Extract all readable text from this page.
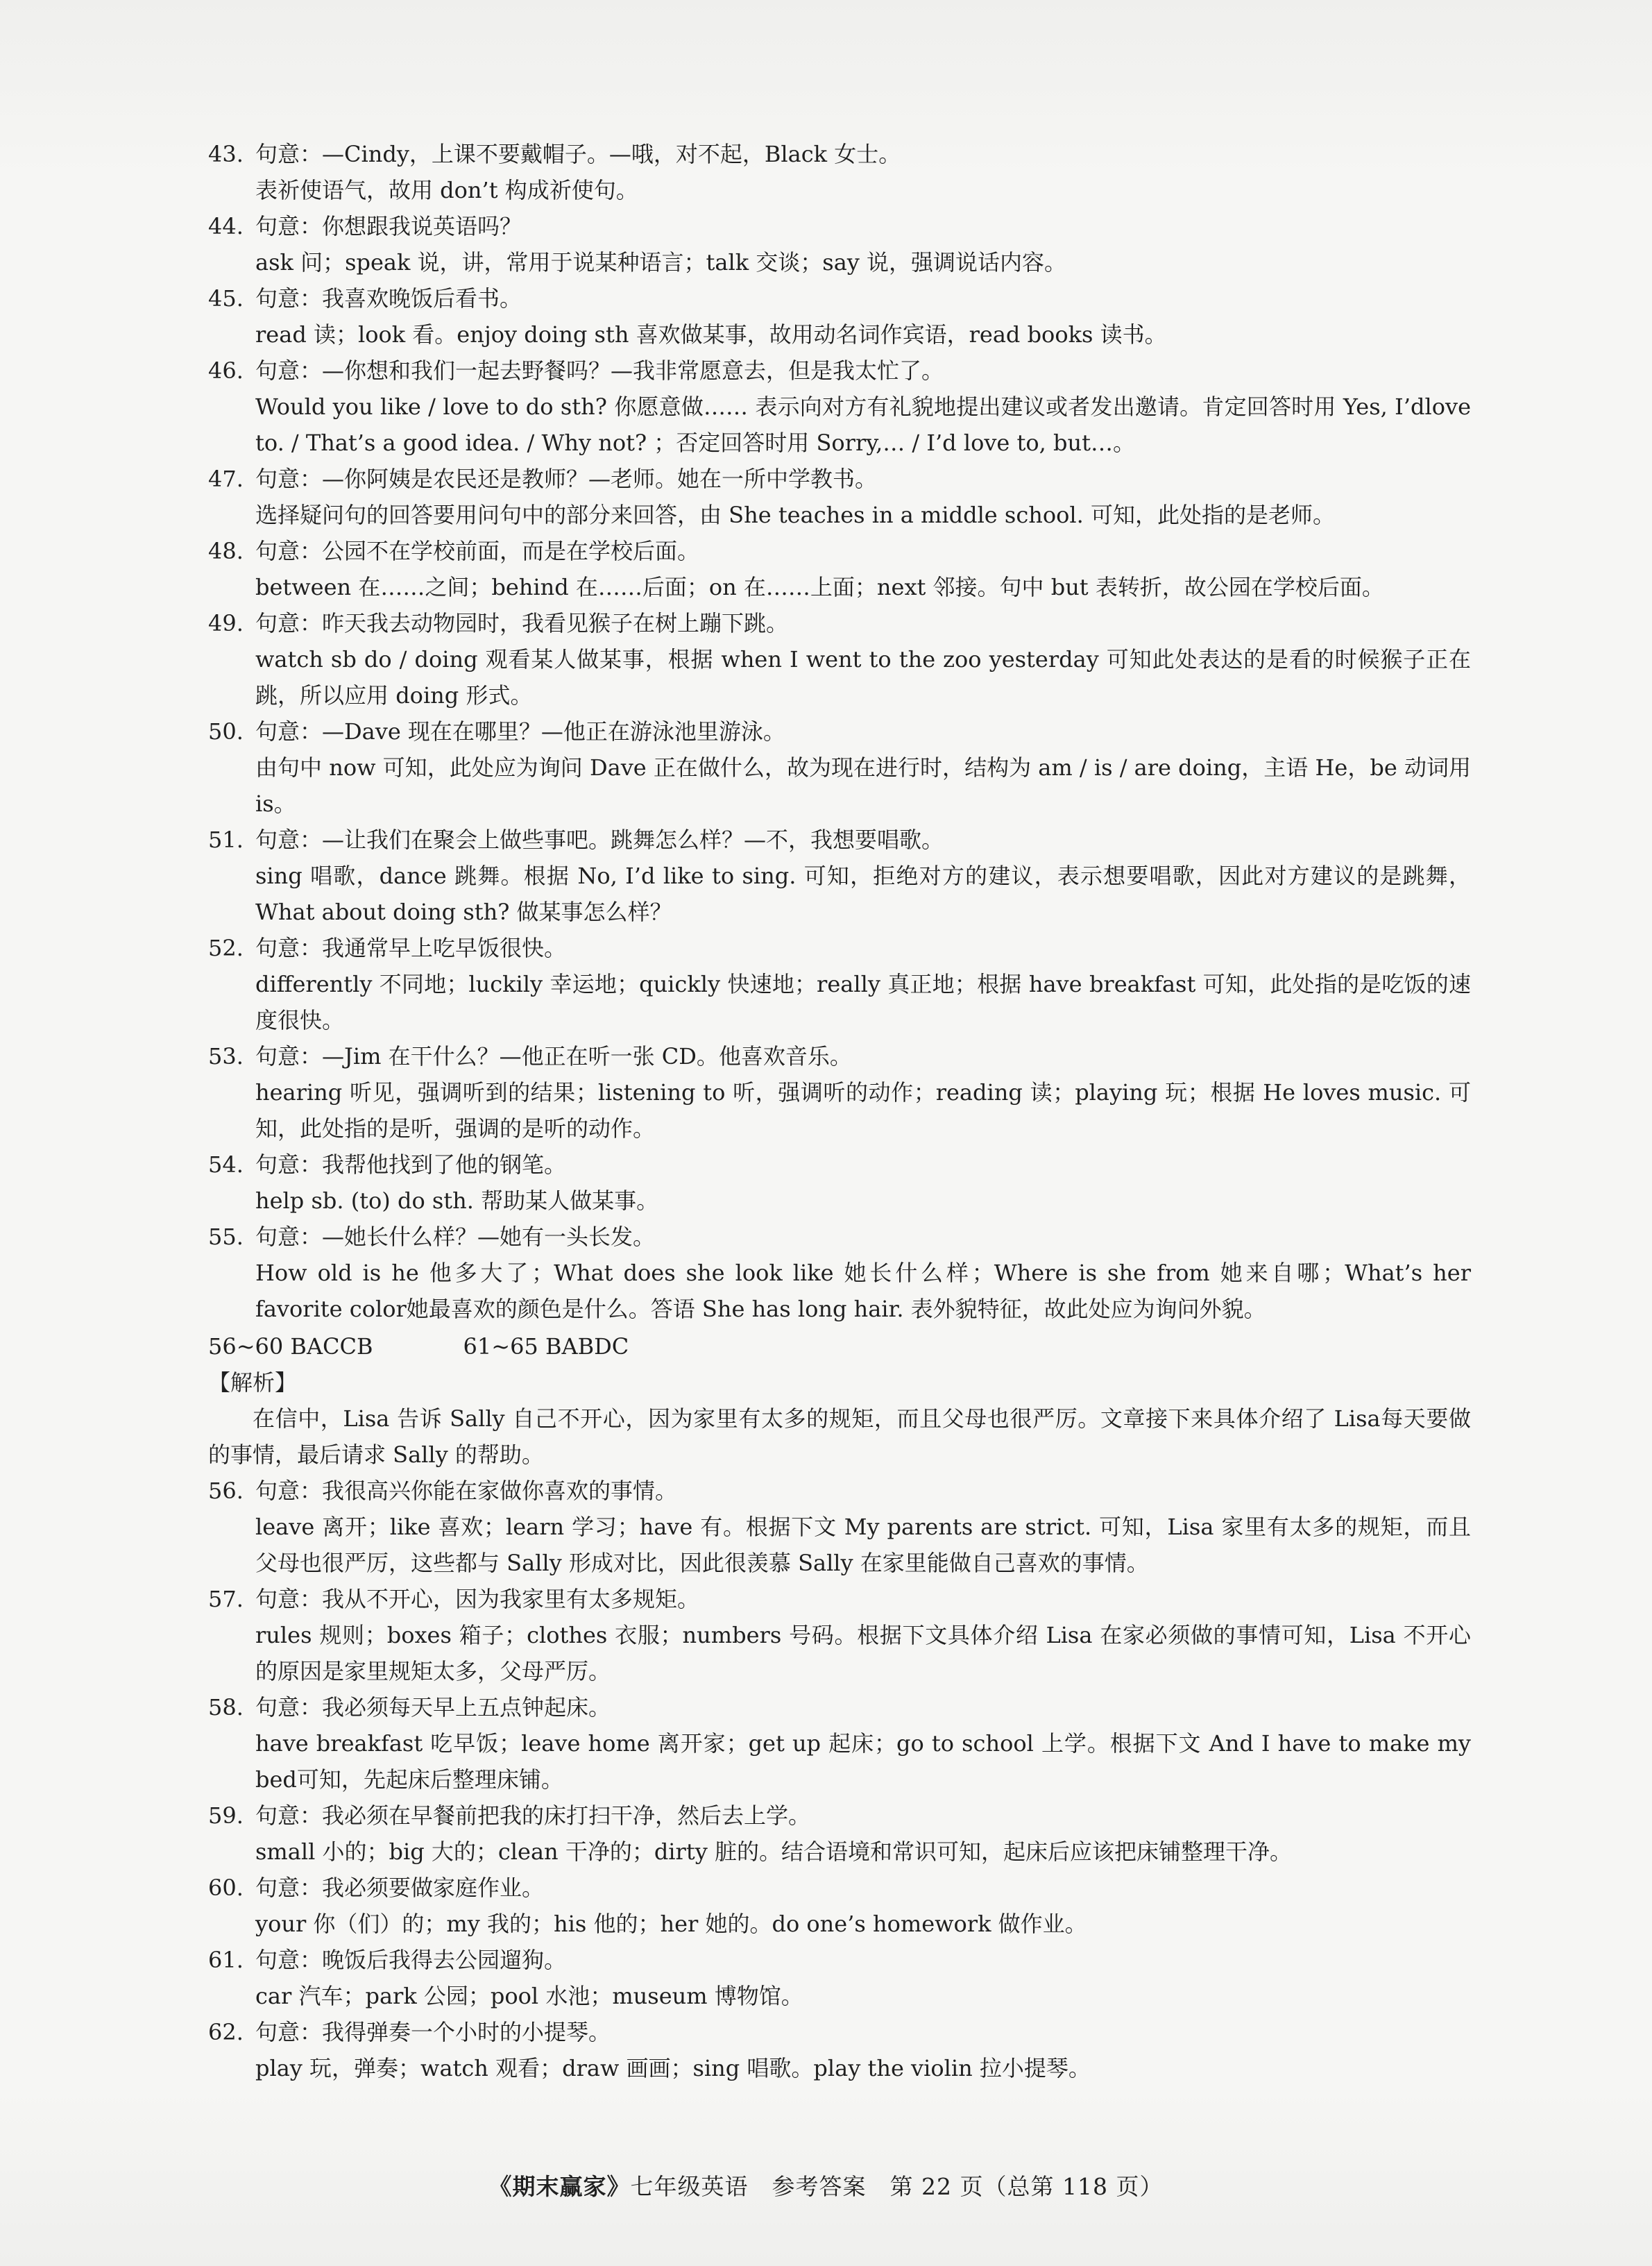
43. 句意：—Cindy，上课不要戴帽子。—哦，对不起，Black 女士。
表祈使语气，故用 don’t 构成祈使句。
44. 句意：你想跟我说英语吗？
ask 问；speak 说，讲，常用于说某种语言；talk 交谈；say 说，强调说话内容。
45. 句意：我喜欢晚饭后看书。
read 读；look 看。enjoy doing sth 喜欢做某事，故用动名词作宾语，read books 读书。
46. 句意：—你想和我们一起去野餐吗？—我非常愿意去，但是我太忙了。
Would you like / love to do sth? 你愿意做…… 表示向对方有礼貌地提出建议或者发出邀请。肯定回答时用 Yes, I’dlove to. / That’s a good idea. / Why not? ；否定回答时用 Sorry,… / I’d love to, but…。
47. 句意：—你阿姨是农民还是教师？—老师。她在一所中学教书。
选择疑问句的回答要用问句中的部分来回答，由 She teaches in a middle school. 可知，此处指的是老师。
48. 句意：公园不在学校前面，而是在学校后面。
between 在……之间；behind 在……后面；on 在……上面；next 邻接。句中 but 表转折，故公园在学校后面。
49. 句意：昨天我去动物园时，我看见猴子在树上蹦下跳。
watch sb do / doing 观看某人做某事，根据 when I went to the zoo yesterday 可知此处表达的是看的时候猴子正在跳，所以应用 doing 形式。
50. 句意：—Dave 现在在哪里？—他正在游泳池里游泳。
由句中 now 可知，此处应为询问 Dave 正在做什么，故为现在进行时，结构为 am / is / are doing，主语 He，be 动词用 is。
51. 句意：—让我们在聚会上做些事吧。跳舞怎么样？—不，我想要唱歌。
sing 唱歌，dance 跳舞。根据 No, I’d like to sing. 可知，拒绝对方的建议，表示想要唱歌，因此对方建议的是跳舞，What about doing sth? 做某事怎么样？
52. 句意：我通常早上吃早饭很快。
differently 不同地；luckily 幸运地；quickly 快速地；really 真正地；根据 have breakfast 可知，此处指的是吃饭的速度很快。
53. 句意：—Jim 在干什么？—他正在听一张 CD。他喜欢音乐。
hearing 听见，强调听到的结果；listening to 听，强调听的动作；reading 读；playing 玩；根据 He loves music. 可知，此处指的是听，强调的是听的动作。
54. 句意：我帮他找到了他的钢笔。
help sb. (to) do sth. 帮助某人做某事。
55. 句意：—她长什么样？—她有一头长发。
How old is he 他多大了；What does she look like 她长什么样；Where is she from 她来自哪；What’s her favorite color她最喜欢的颜色是什么。答语 She has long hair. 表外貌特征，故此处应为询问外貌。
56~60 BACCB	61~65 BABDC
【解析】
在信中，Lisa 告诉 Sally 自己不开心，因为家里有太多的规矩，而且父母也很严厉。文章接下来具体介绍了 Lisa每天要做的事情，最后请求 Sally 的帮助。
56. 句意：我很高兴你能在家做你喜欢的事情。
leave 离开；like 喜欢；learn 学习；have 有。根据下文 My parents are strict. 可知，Lisa 家里有太多的规矩，而且父母也很严厉，这些都与 Sally 形成对比，因此很羡慕 Sally 在家里能做自己喜欢的事情。
57. 句意：我从不开心，因为我家里有太多规矩。
rules 规则；boxes 箱子；clothes 衣服；numbers 号码。根据下文具体介绍 Lisa 在家必须做的事情可知，Lisa 不开心的原因是家里规矩太多，父母严厉。
58. 句意：我必须每天早上五点钟起床。
have breakfast 吃早饭；leave home 离开家；get up 起床；go to school 上学。根据下文 And I have to make my bed可知，先起床后整理床铺。
59. 句意：我必须在早餐前把我的床打扫干净，然后去上学。
small 小的；big 大的；clean 干净的；dirty 脏的。结合语境和常识可知，起床后应该把床铺整理干净。
60. 句意：我必须要做家庭作业。
your 你（们）的；my 我的；his 他的；her 她的。do one’s homework 做作业。
61. 句意：晚饭后我得去公园遛狗。
car 汽车；park 公园；pool 水池；museum 博物馆。
62. 句意：我得弹奏一个小时的小提琴。
play 玩，弹奏；watch 观看；draw 画画；sing 唱歌。play the violin 拉小提琴。
《期末赢家》七年级英语　参考答案　第 22 页（总第 118 页）
